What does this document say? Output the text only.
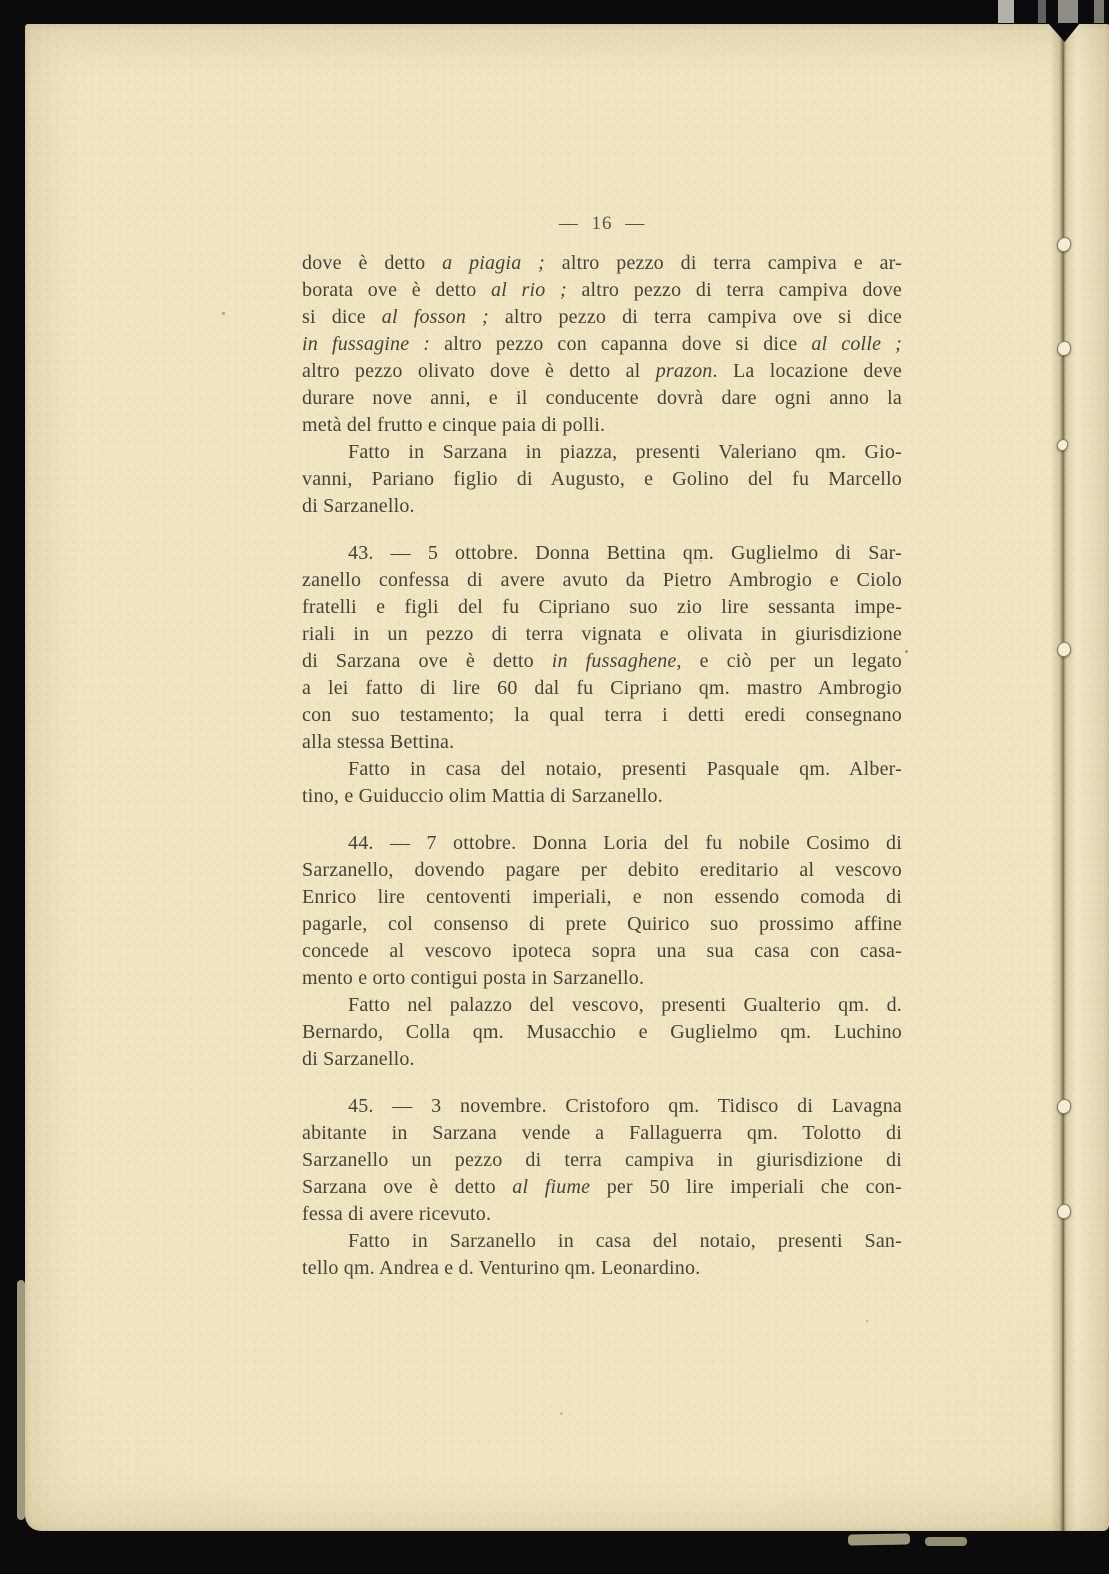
— 16 —

dove è detto a piagia ; altro pezzo di terra campiva e ar-
borata ove è detto al rio ; altro pezzo di terra campiva dove
si dice al fosson ; altro pezzo di terra campiva ove si dice
in fussagine : altro pezzo con capanna dove si dice al colle ;
altro pezzo olivato dove è detto al prazon. La locazione deve
durare nove anni, e il conducente dovrà dare ogni anno la
metà del frutto e cinque paia di polli.

Fatto in Sarzana in piazza, presenti Valeriano qm. Gio-
vanni, Pariano figlio di Augusto, e Golino del fu Marcello
di Sarzanello.

43. — 5 ottobre. Donna Bettina qm. Guglielmo di Sar-
zanello confessa di avere avuto da Pietro Ambrogio e Ciolo
fratelli e figli del fu Cipriano suo zio lire sessanta impe-
riali in un pezzo di terra vignata e olivata in giurisdizione
di Sarzana ove è detto in fussaghene, e ciò per un legato
a lei fatto di lire 60 dal fu Cipriano qm. mastro Ambrogio
con suo testamento; la qual terra i detti eredi consegnano
alla stessa Bettina.

Fatto in casa del notaio, presenti Pasquale qm. Alber-
tino, e Guiduccio olim Mattia di Sarzanello.

44. — 7 ottobre. Donna Loria del fu nobile Cosimo di
Sarzanello, dovendo pagare per debito ereditario al vescovo
Enrico lire centoventi imperiali, e non essendo comoda di
pagarle, col consenso di prete Quirico suo prossimo affine
concede al vescovo ipoteca sopra una sua casa con casa-
mento e orto contigui posta in Sarzanello.

Fatto nel palazzo del vescovo, presenti Gualterio qm. d.
Bernardo, Colla qm. Musacchio e Guglielmo qm. Luchino
di Sarzanello.

45. — 3 novembre. Cristoforo qm. Tidisco di Lavagna
abitante in Sarzana vende a Fallaguerra qm. Tolotto di
Sarzanello un pezzo di terra campiva in giurisdizione di
Sarzana ove è detto al fiume per 50 lire imperiali che con-
fessa di avere ricevuto.

Fatto in Sarzanello in casa del notaio, presenti San-
tello qm. Andrea e d. Venturino qm. Leonardino.
